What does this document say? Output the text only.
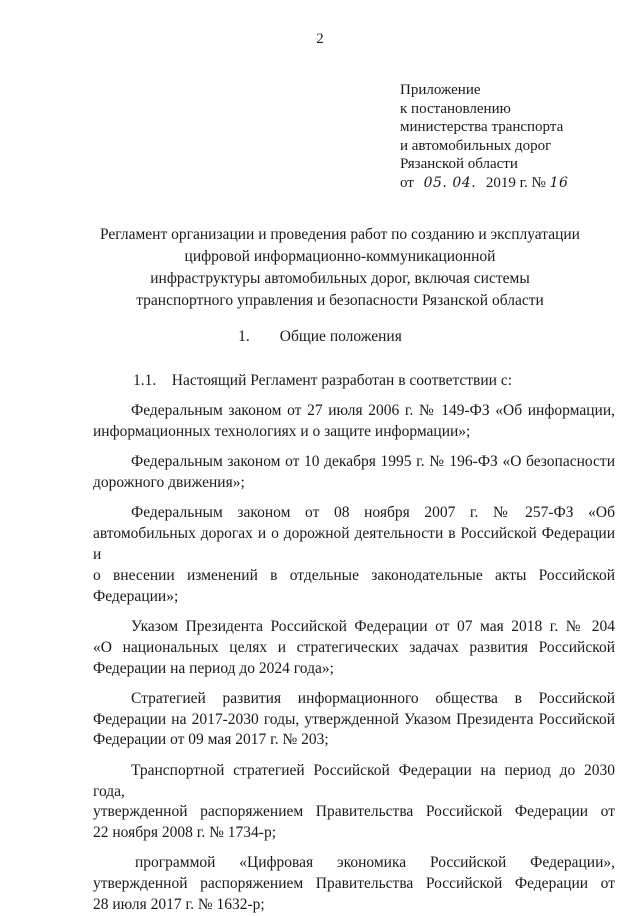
2
Приложение
к постановлению
министерства транспорта
и автомобильных дорог
Рязанской области
от 05. 04. 2019 г. № 16
Регламент организации и проведения работ по созданию и эксплуатации
цифровой информационно-коммуникационной
инфраструктуры автомобильных дорог, включая системы
транспортного управления и безопасности Рязанской области
1. Общие положения

1.1.    Настоящий Регламент разработан в соответствии с:

Федеральным законом от 27 июля 2006 г. № 149-ФЗ «Об информации,

информационных технологиях и о защите информации»;

Федеральным законом от 10 декабря 1995 г. № 196-ФЗ «О безопасности

дорожного движения»;

Федеральным законом от 08 ноября 2007 г. № 257-ФЗ «Об

автомобильных дорогах и о дорожной деятельности в Российской Федерации и

о внесении изменений в отдельные законодательные акты Российской

Федерации»;

Указом Президента Российской Федерации от 07 мая 2018 г. № 204

«О национальных целях и стратегических задачах развития Российской

Федерации на период до 2024 года»;

Стратегией развития информационного общества в Российской

Федерации на 2017-2030 годы, утвержденной Указом Президента Российской

Федерации от 09 мая 2017 г. № 203;

Транспортной стратегией Российской Федерации на период до 2030 года,

утвержденной распоряжением Правительства Российской Федерации от

22 ноября 2008 г. № 1734-р;

программой «Цифровая экономика Российской Федерации»,

утвержденной распоряжением Правительства Российской Федерации от

28 июля 2017 г. № 1632-р;
